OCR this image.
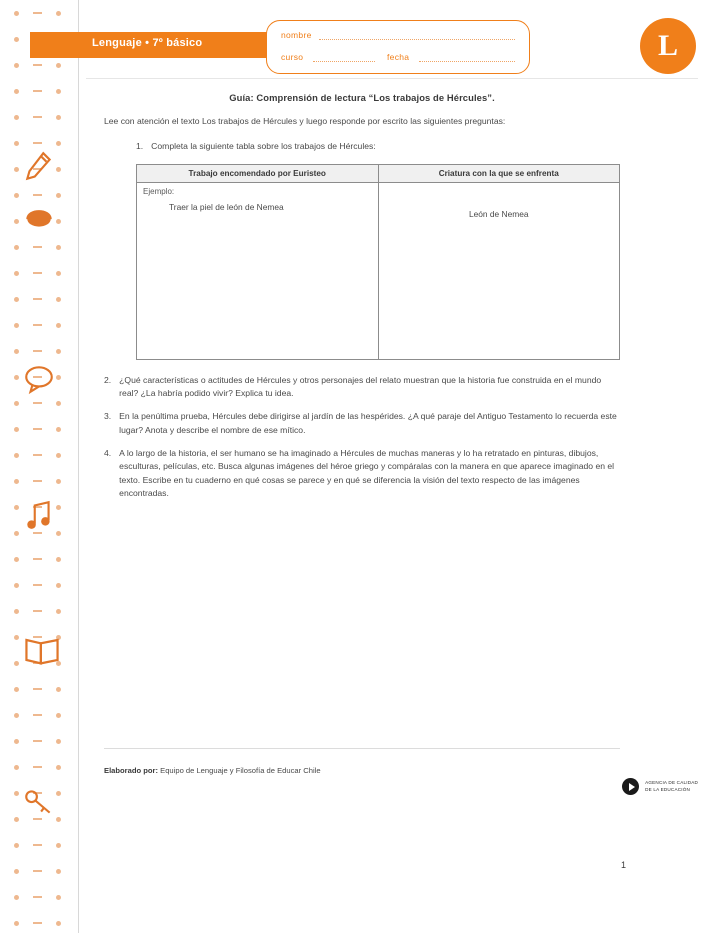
Lenguaje • 7º básico
nombre
curso	fecha	L
Guía: Comprensión de lectura “Los trabajos de Hércules”.

Lee con atención el texto Los trabajos de Hércules y luego responde por escrito las siguientes preguntas:

1. Completa la siguiente tabla sobre los trabajos de Hércules:
Trabajo encomendado por Euristeo	Criatura con la que se enfrenta

Ejemplo:
Traer la piel de león de Nemea	León de Nemea
2. ¿Qué características o actitudes de Hércules y otros personajes del relato muestran que la historia fue construida en el mundo real? ¿La habría podido vivir? Explica tu idea.
3. En la penúltima prueba, Hércules debe dirigirse al jardín de las hespérides. ¿A qué paraje del Antiguo Testamento lo recuerda este lugar? Anota y describe el nombre de ese mítico.
4. A lo largo de la historia, el ser humano se ha imaginado a Hércules de muchas maneras y lo ha retratado en pinturas, dibujos, esculturas, películas, etc. Busca algunas imágenes del héroe griego y compáralas con la manera en que aparece imaginado en el texto. Escribe en tu cuaderno en qué cosas se parece y en qué se diferencia la visión del texto respecto de las imágenes encontradas.
Elaborado por: Equipo de Lenguaje y Filosofía de Educar Chile
AGENCIA DE CALIDAD
DE LA EDUCACIÓN
1
